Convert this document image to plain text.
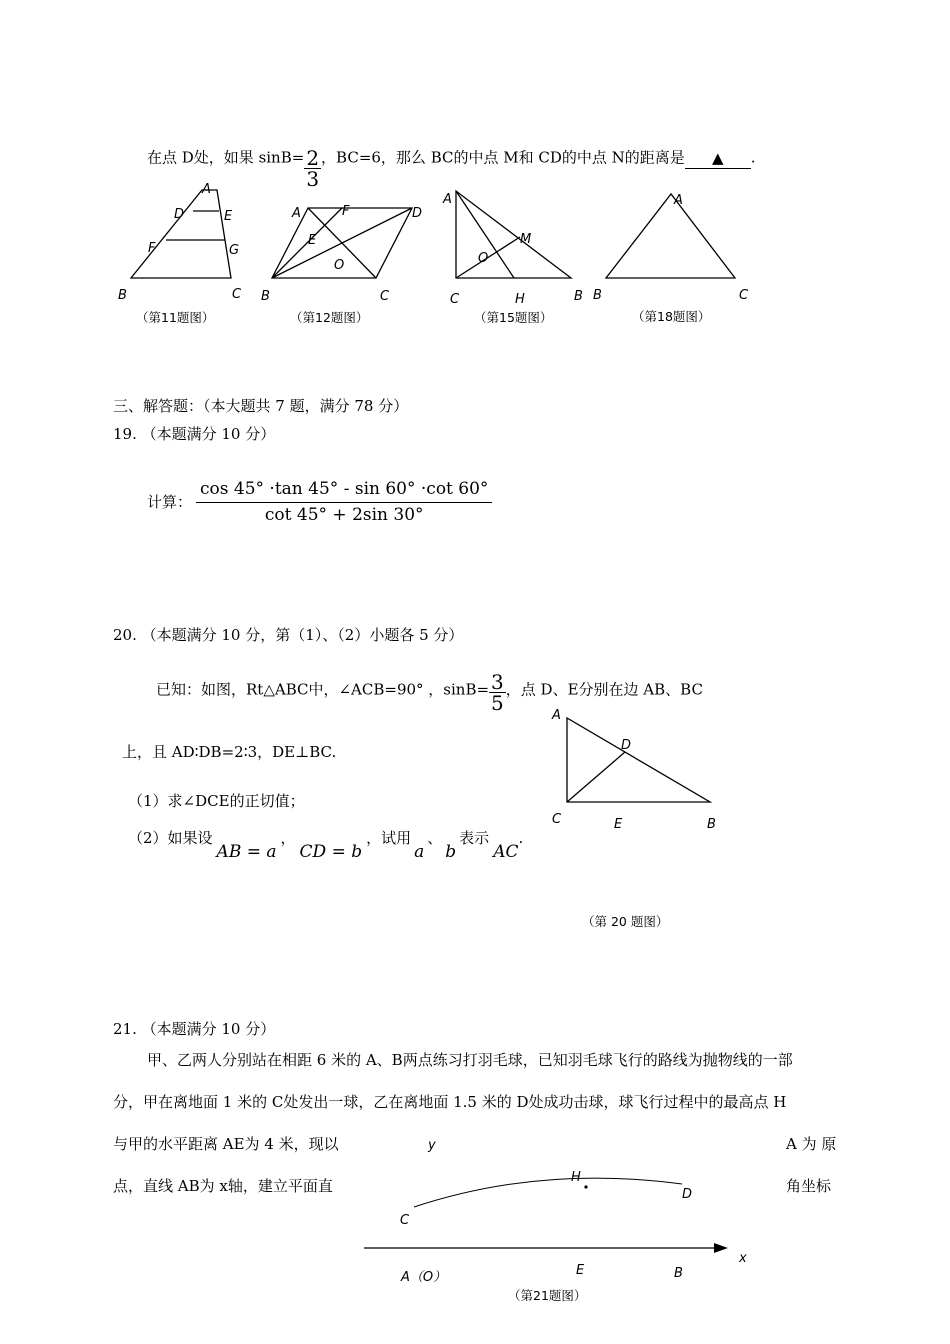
在点 D处，如果 $\sin B= \frac{2}{3}$ ，BC=6，那么 BC的中点 M和 CD的中点 N的距离是 ▲ .
A
D	E
F	G
B	C
（第11题图）
A	F	D
E
O
B	C
（第12题图）
A
M
O
C	H	B
（第15题图）
A
B	C
（第18题图）
三、解答题：（本大题共 7 题，满分 78 分）
19. （本题满分 10 分）
计算： $\frac{\cos 45^\circ \cdot\tan 45^\circ - \sin 60^\circ \cdot\cot 60^\circ}{\cot 45^\circ + 2\sin 30^\circ}$
20. （本题满分 10 分，第（1）、（2）小题各 5 分）
已知：如图，Rt△ABC中，∠ACB=90° ，$\sin B= \frac{3}{5}$ ，点 D、E分别在边 AB、BC
上，且 AD∶DB=2∶3，DE⊥BC.
（1）求∠DCE的正切值；
（2）如果设AB = a，CD = b，试用a、b表示AC.
A
D
C	E	B
（第 20 题图）
21. （本题满分 10 分）
甲、乙两人分别站在相距 6 米的 A、B两点练习打羽毛球，已知羽毛球飞行的路线为抛物线的一部
分，甲在离地面 1 米的 C处发出一球，乙在离地面 1.5 米的 D处成功击球，球飞行过程中的最高点 H
与甲的水平距离 AE为 4 米，现以	A 为 原
点，直线 AB为 x轴，建立平面直	角坐标
y
H
D
C
x
A（O）	E	B
（第21题图）
